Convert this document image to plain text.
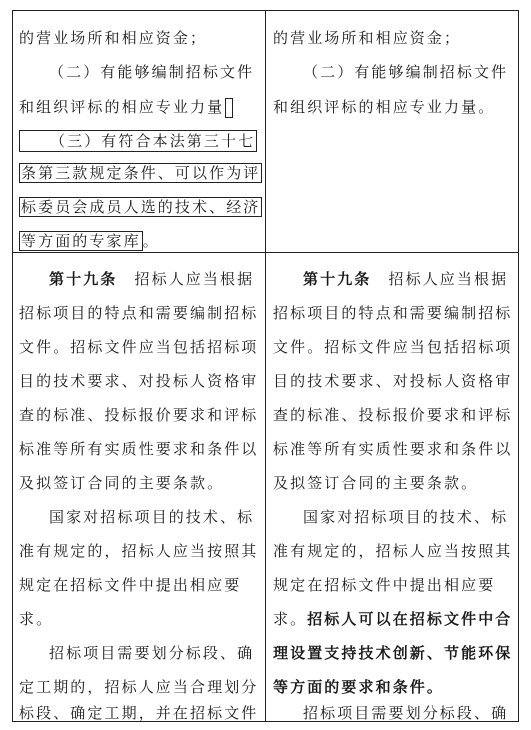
的营业场所和相应资金；
（二）有能够编制招标文件
和组织评标的相应专业力量
（三）有符合本法第三十七
条第三款规定条件、可以作为评
标委员会成员人选的技术、经济
等方面的专家库 。
第十九条　招标人应当根据
招标项目的特点和需要编制招标
文件。招标文件应当包括招标项
目的技术要求、对投标人资格审
查的标准、投标报价要求和评标
标准等所有实质性要求和条件以
及拟签订合同的主要条款。
国家对招标项目的技术、标
准有规定的，招标人应当按照其
规定在招标文件中提出相应要
求。
招标项目需要划分标段、确
定工期的，招标人应当合理划分
标段、确定工期，并在招标文件
的营业场所和相应资金；
（二）有能够编制招标文件
和组织评标的相应专业力量。
第十九条　招标人应当根据
招标项目的特点和需要编制招标
文件。招标文件应当包括招标项
目的技术要求、对投标人资格审
查的标准、投标报价要求和评标
标准等所有实质性要求和条件以
及拟签订合同的主要条款。
国家对招标项目的技术、标
准有规定的，招标人应当按照其
规定在招标文件中提出相应要
求。招标人可以在招标文件中合
理设置支持技术创新、节能环保
等方面的要求和条件。
招标项目需要划分标段、确
